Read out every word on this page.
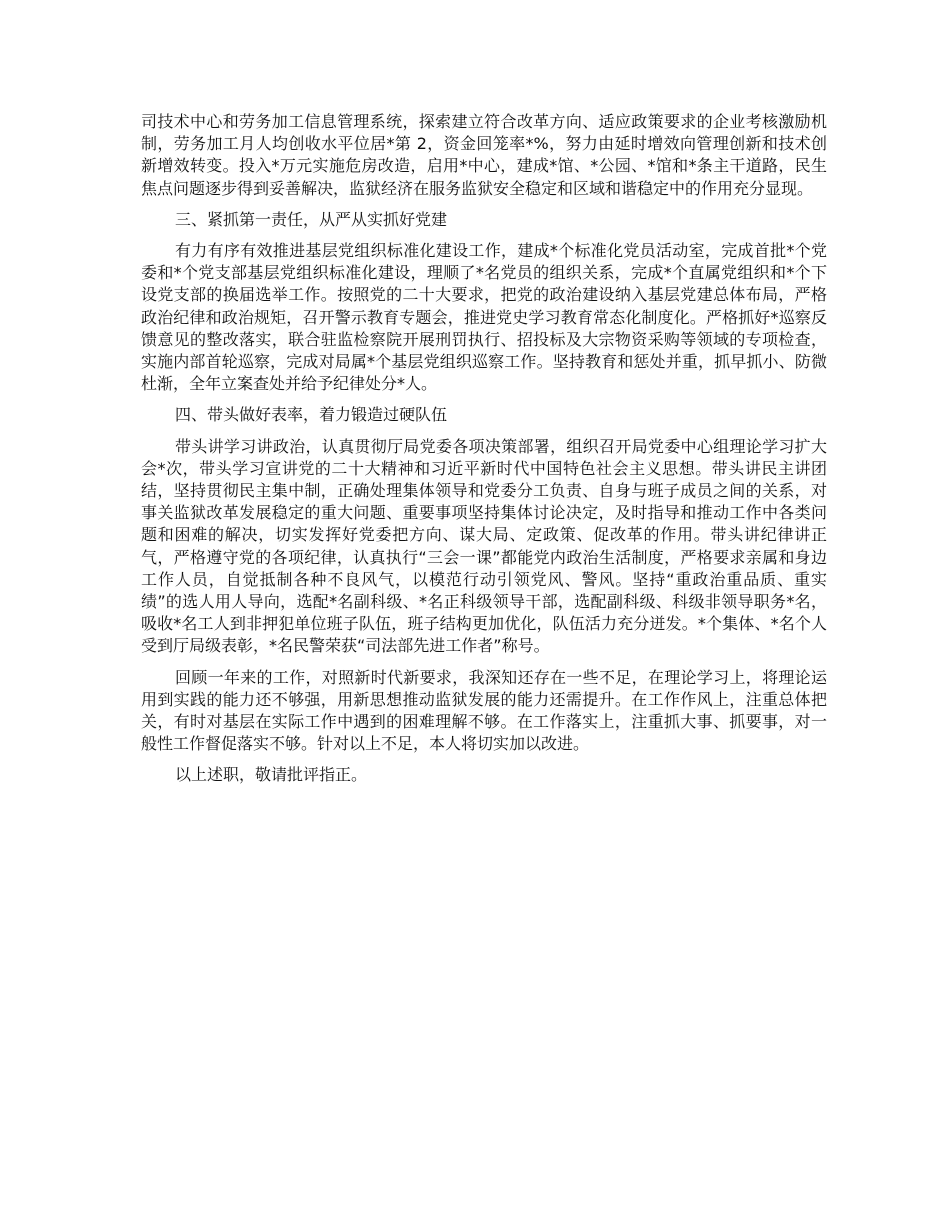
司技术中心和劳务加工信息管理系统，探索建立符合改革方向、适应政策要求的企业考核激励机制，劳务加工月人均创收水平位居*第 2，资金回笼率*%，努力由延时增效向管理创新和技术创新增效转变。投入*万元实施危房改造，启用*中心，建成*馆、*公园、*馆和*条主干道路，民生焦点问题逐步得到妥善解决，监狱经济在服务监狱安全稳定和区域和谐稳定中的作用充分显现。

三、紧抓第一责任，从严从实抓好党建

有力有序有效推进基层党组织标准化建设工作，建成*个标准化党员活动室，完成首批*个党委和*个党支部基层党组织标准化建设，理顺了*名党员的组织关系，完成*个直属党组织和*个下设党支部的换届选举工作。按照党的二十大要求，把党的政治建设纳入基层党建总体布局，严格政治纪律和政治规矩，召开警示教育专题会，推进党史学习教育常态化制度化。严格抓好*巡察反馈意见的整改落实，联合驻监检察院开展刑罚执行、招投标及大宗物资采购等领域的专项检查，实施内部首轮巡察，完成对局属*个基层党组织巡察工作。坚持教育和惩处并重，抓早抓小、防微杜渐，全年立案查处并给予纪律处分*人。

四、带头做好表率，着力锻造过硬队伍

带头讲学习讲政治，认真贯彻厅局党委各项决策部署，组织召开局党委中心组理论学习扩大会*次，带头学习宣讲党的二十大精神和习近平新时代中国特色社会主义思想。带头讲民主讲团结，坚持贯彻民主集中制，正确处理集体领导和党委分工负责、自身与班子成员之间的关系，对事关监狱改革发展稳定的重大问题、重要事项坚持集体讨论决定，及时指导和推动工作中各类问题和困难的解决，切实发挥好党委把方向、谋大局、定政策、促改革的作用。带头讲纪律讲正气，严格遵守党的各项纪律，认真执行“三会一课”都能党内政治生活制度，严格要求亲属和身边工作人员，自觉抵制各种不良风气，以模范行动引领党风、警风。坚持“重政治重品质、重实绩”的选人用人导向，选配*名副科级、*名正科级领导干部，选配副科级、科级非领导职务*名，吸收*名工人到非押犯单位班子队伍，班子结构更加优化，队伍活力充分迸发。*个集体、*名个人受到厅局级表彰，*名民警荣获“司法部先进工作者”称号。

回顾一年来的工作，对照新时代新要求，我深知还存在一些不足，在理论学习上，将理论运用到实践的能力还不够强，用新思想推动监狱发展的能力还需提升。在工作作风上，注重总体把关，有时对基层在实际工作中遇到的困难理解不够。在工作落实上，注重抓大事、抓要事，对一般性工作督促落实不够。针对以上不足，本人将切实加以改进。

以上述职，敬请批评指正。
